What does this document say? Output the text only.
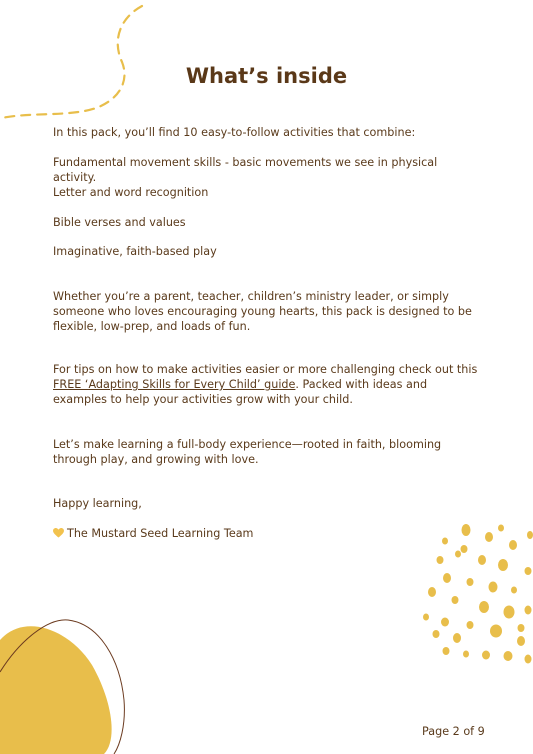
What’s inside

In this pack, you’ll find 10 easy-to-follow activities that combine:

Fundamental movement skills - basic movements we see in physical activity.

Letter and word recognition

Bible verses and values

Imaginative, faith-based play

Whether you’re a parent, teacher, children’s ministry leader, or simply someone who loves encouraging young hearts, this pack is designed to be flexible, low-prep, and loads of fun.

For tips on how to make activities easier or more challenging check out this FREE ‘Adapting Skills for Every Child’ guide. Packed with ideas and examples to help your activities grow with your child.

Let’s make learning a full-body experience—rooted in faith, blooming through play, and growing with love.

Happy learning,

The Mustard Seed Learning Team

Page 2 of 9
